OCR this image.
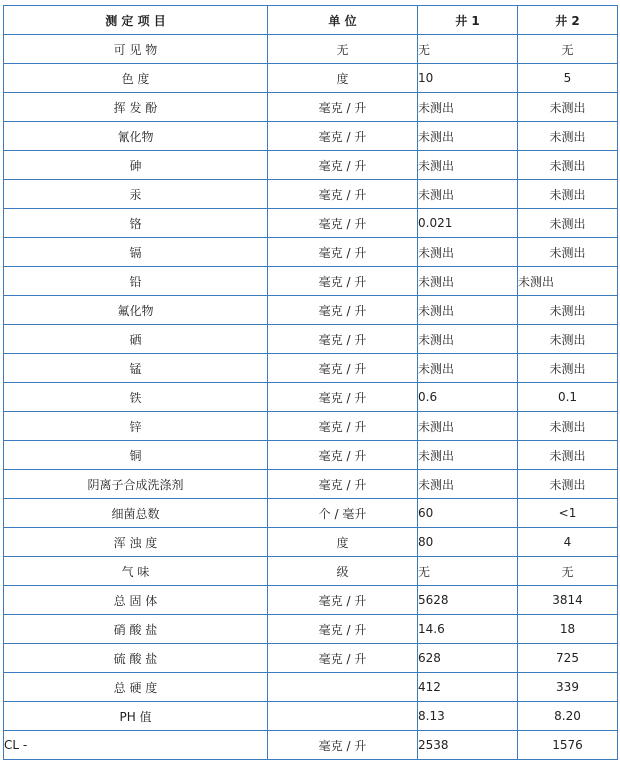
测 定 项 目	单 位	井 1	井 2
可 见 物	无	无	无
色 度	度	10	5
挥 发 酚	毫克 / 升	未测出	未测出
氰化物	毫克 / 升	未测出	未测出
砷	毫克 / 升	未测出	未测出
汞	毫克 / 升	未测出	未测出
铬	毫克 / 升	0.021	未测出
镉	毫克 / 升	未测出	未测出
铅	毫克 / 升	未测出	未测出
氟化物	毫克 / 升	未测出	未测出
硒	毫克 / 升	未测出	未测出
锰	毫克 / 升	未测出	未测出
铁	毫克 / 升	0.6	0.1
锌	毫克 / 升	未测出	未测出
铜	毫克 / 升	未测出	未测出
阴离子合成洗涤剂	毫克 / 升	未测出	未测出
细菌总数	个 / 毫升	60	<1
浑 浊 度	度	80	4
气 味	级	无	无
总 固 体	毫克 / 升	5628	3814
硝 酸 盐	毫克 / 升	14.6	18
硫 酸 盐	毫克 / 升	628	725
总 硬 度		412	339
PH 值		8.13	8.20
CL -	毫克 / 升	2538	1576
